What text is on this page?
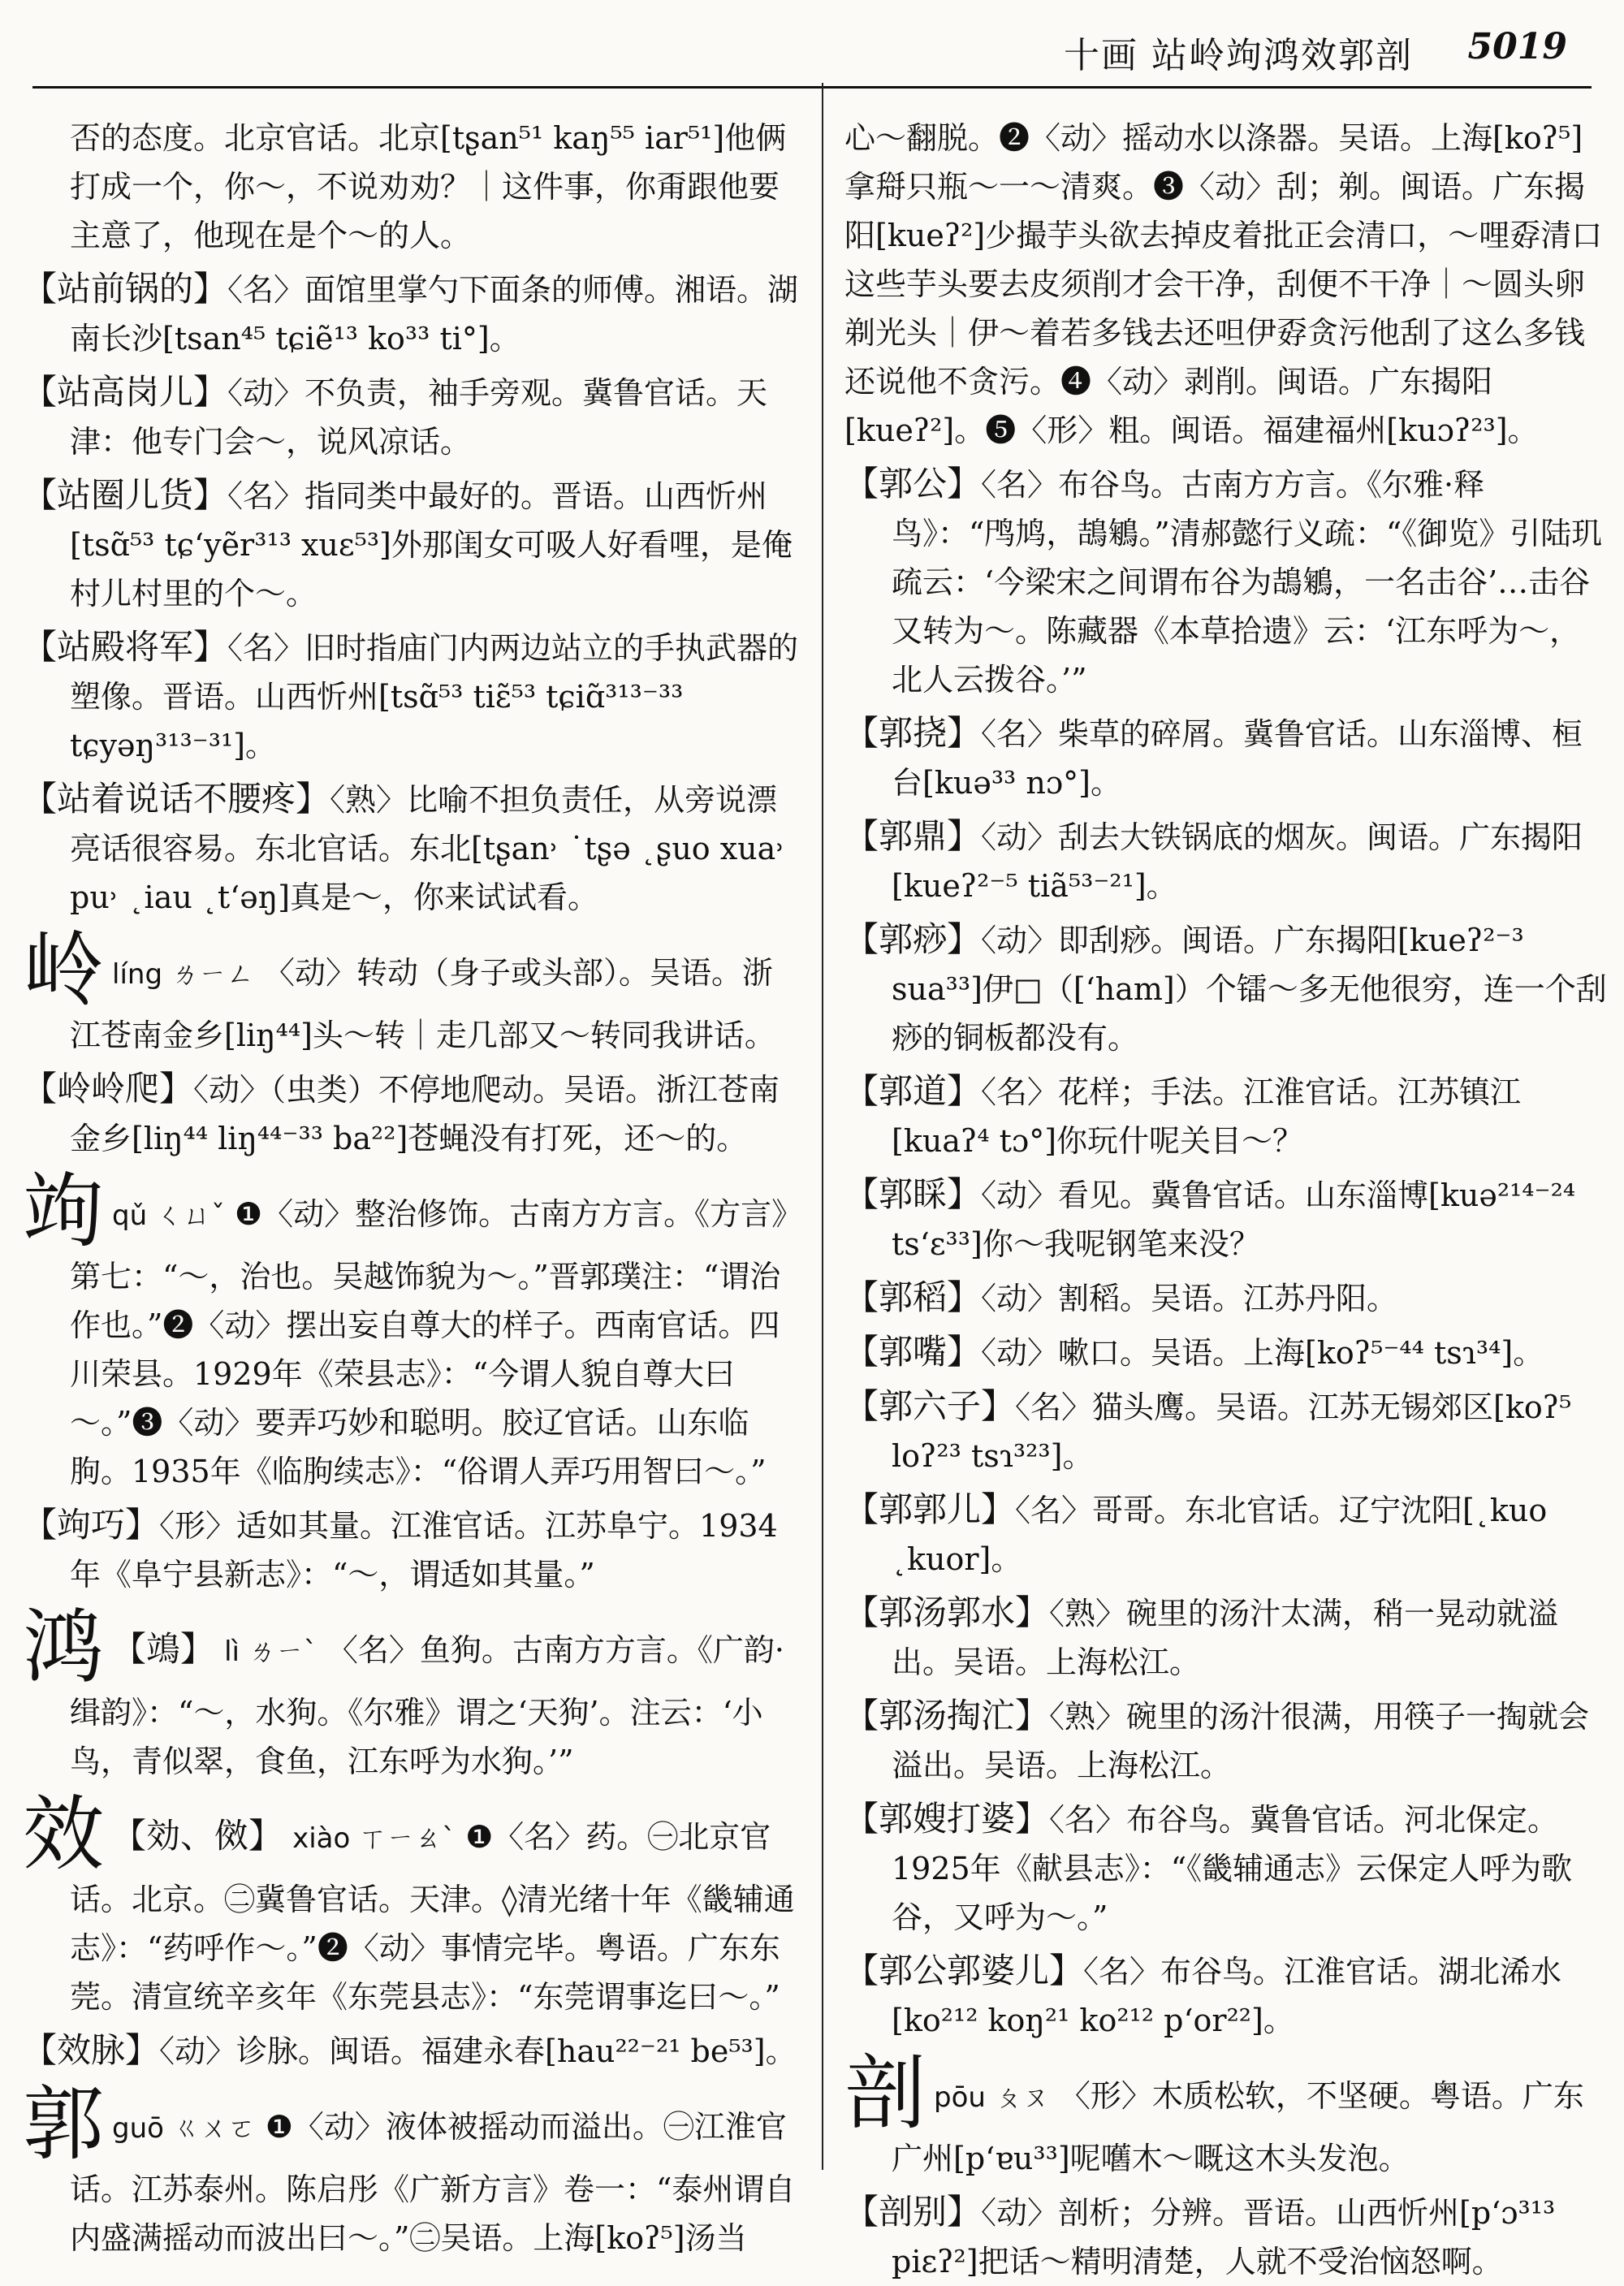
十画 站岭竘鸿效郭剖 5019

否的态度。北京官话。北京[tʂan⁵¹ kaŋ⁵⁵ iar⁵¹]他俩打成一个，你～，不说劝劝？｜这件事，你甭跟他要主意了，他现在是个～的人。

【站前锅的】〈名〉面馆里掌勺下面条的师傅。湘语。湖南长沙[tsan⁴⁵ tɕiẽ¹³ ko³³ ti°]。

【站高岗儿】〈动〉不负责，袖手旁观。冀鲁官话。天津：他专门会～，说风凉话。

【站圈儿货】〈名〉指同类中最好的。晋语。山西忻州[tsɑ̃⁵³ tɕʻyẽr³¹³ xuɛ⁵³]外那闺女可吸人好看哩，是俺村儿村里的个～。

【站殿将军】〈名〉旧时指庙门内两边站立的手执武器的塑像。晋语。山西忻州[tsɑ̃⁵³ tiɛ̃⁵³ tɕiɑ̃³¹³⁻³³ tɕyəŋ³¹³⁻³¹]。

【站着说话不腰疼】〈熟〉比喻不担负责任，从旁说漂亮话很容易。东北官话。东北[tʂan˒ ˙tʂə ˛ʂuo xua˒ pu˒ ˛iau ˛tʻəŋ]真是～，你来试试看。

岭líng ㄌㄧㄥ 〈动〉转动（身子或头部）。吴语。浙江苍南金乡[liŋ⁴⁴]头～转｜走几部又～转同我讲话。

【岭岭爬】〈动〉（虫类）不停地爬动。吴语。浙江苍南金乡[liŋ⁴⁴ liŋ⁴⁴⁻³³ ba²²]苍蝇没有打死，还～的。

竘qǔ ㄑㄩˇ ❶〈动〉整治修饰。古南方方言。《方言》第七：“～，治也。吴越饰貌为～。”晋郭璞注：“谓治作也。”❷〈动〉摆出妄自尊大的样子。西南官话。四川荣县。1929年《荣县志》：“今谓人貌自尊大曰～。”❸〈动〉要弄巧妙和聪明。胶辽官话。山东临朐。1935年《临朐续志》：“俗谓人弄巧用智曰～。”

【竘巧】〈形〉适如其量。江淮官话。江苏阜宁。1934年《阜宁县新志》：“～，谓适如其量。”

鸿 【鴗】 lì ㄌㄧˋ 〈名〉鱼狗。古南方方言。《广韵·缉韵》：“～，水狗。《尔雅》谓之‘天狗’。注云：‘小鸟，青似翠，食鱼，江东呼为水狗。’”

效 【効、傚】 xiào ㄒㄧㄠˋ ❶〈名〉药。㊀北京官话。北京。㊁冀鲁官话。天津。◊清光绪十年《畿辅通志》：“药呼作～。”❷〈动〉事情完毕。粤语。广东东莞。清宣统辛亥年《东莞县志》：“东莞谓事迄曰～。”

【效脉】〈动〉诊脉。闽语。福建永春[hau²²⁻²¹ be⁵³]。

郭guō ㄍㄨㄛ ❶〈动〉液体被摇动而溢出。㊀江淮官话。江苏泰州。陈启彤《广新方言》卷一：“泰州谓自内盛满摇动而波出曰～。”㊁吴语。上海[koʔ⁵]汤当

心～翻脱。❷〈动〉摇动水以涤器。吴语。上海[koʔ⁵]拿搿只瓶～一～清爽。❸〈动〉刮；剃。闽语。广东揭阳[kueʔ²]少撮芋头欲去掉皮着批正会清口，～哩孬清口这些芋头要去皮须削才会干净，刮便不干净｜～圆头卵剃光头｜伊～着若多钱去还呾伊孬贪污他刮了这么多钱还说他不贪污。❹〈动〉剥削。闽语。广东揭阳[kueʔ²]。❺〈形〉粗。闽语。福建福州[kuɔʔ²³]。

【郭公】〈名〉布谷鸟。古南方方言。《尔雅·释鸟》：“鸤鸠，鴶鵴。”清郝懿行义疏：“《御览》引陆玑疏云：‘今梁宋之间谓布谷为鴶鵴，一名击谷’…击谷又转为～。陈藏器《本草拾遗》云：‘江东呼为～，北人云拨谷。’”

【郭挠】〈名〉柴草的碎屑。冀鲁官话。山东淄博、桓台[kuə³³ nɔ°]。

【郭鼎】〈动〉刮去大铁锅底的烟灰。闽语。广东揭阳[kueʔ²⁻⁵ tiã⁵³⁻²¹]。

【郭痧】〈动〉即刮痧。闽语。广东揭阳[kueʔ²⁻³ sua³³]伊□（[ʻham]）个镭～多无他很穷，连一个刮痧的铜板都没有。

【郭道】〈名〉花样；手法。江淮官话。江苏镇江[kuaʔ⁴ tɔ°]你玩什呢关目～？

【郭睬】〈动〉看见。冀鲁官话。山东淄博[kuə²¹⁴⁻²⁴ tsʻɛ³³]你～我呢钢笔来没？

【郭稻】〈动〉割稻。吴语。江苏丹阳。

【郭嘴】〈动〉嗽口。吴语。上海[koʔ⁵⁻⁴⁴ tsɿ³⁴]。

【郭六子】〈名〉猫头鹰。吴语。江苏无锡郊区[koʔ⁵ loʔ²³ tsɿ³²³]。

【郭郭儿】〈名〉哥哥。东北官话。辽宁沈阳[˛kuo ˛kuor]。

【郭汤郭水】〈熟〉碗里的汤汁太满，稍一晃动就溢出。吴语。上海松江。

【郭汤掏汒】〈熟〉碗里的汤汁很满，用筷子一掏就会溢出。吴语。上海松江。

【郭嫂打婆】〈名〉布谷鸟。冀鲁官话。河北保定。1925年《献县志》：“《畿辅通志》云保定人呼为歌谷，又呼为～。”

【郭公郭婆儿】〈名〉布谷鸟。江淮官话。湖北浠水[ko²¹² koŋ²¹ ko²¹² pʻor²²]。

剖pōu ㄆㄡ 〈形〉木质松软，不坚硬。粤语。广东广州[pʻɐu³³]呢嚿木～嘅这木头发泡。

【剖别】〈动〉剖析；分辨。晋语。山西忻州[pʻɔ³¹³ piɛʔ²]把话～精明清楚，人就不受治恼怒啊。
